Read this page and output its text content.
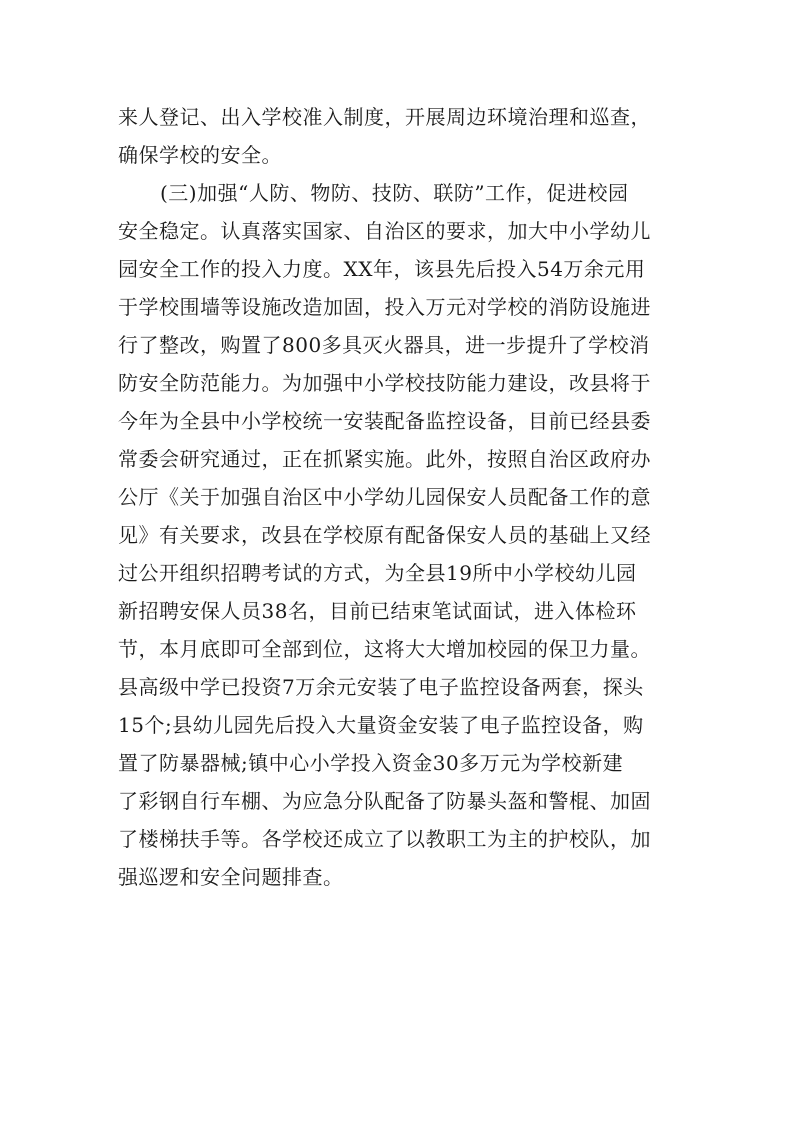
来人登记、出入学校准入制度，开展周边环境治理和巡查，
确保学校的安全。
(三)加强“人防、物防、技防、联防”工作，促进校园
安全稳定。认真落实国家、自治区的要求，加大中小学幼儿
园安全工作的投入力度。XX年，该县先后投入54万余元用
于学校围墙等设施改造加固，投入万元对学校的消防设施进
行了整改，购置了800多具灭火器具，进一步提升了学校消
防安全防范能力。为加强中小学校技防能力建设，改县将于
今年为全县中小学校统一安装配备监控设备，目前已经县委
常委会研究通过，正在抓紧实施。此外，按照自治区政府办
公厅《关于加强自治区中小学幼儿园保安人员配备工作的意
见》有关要求，改县在学校原有配备保安人员的基础上又经
过公开组织招聘考试的方式，为全县19所中小学校幼儿园
新招聘安保人员38名，目前已结束笔试面试，进入体检环
节，本月底即可全部到位，这将大大增加校园的保卫力量。
县高级中学已投资7万余元安装了电子监控设备两套，探头
15个;县幼儿园先后投入大量资金安装了电子监控设备，购
置了防暴器械;镇中心小学投入资金30多万元为学校新建
了彩钢自行车棚、为应急分队配备了防暴头盔和警棍、加固
了楼梯扶手等。各学校还成立了以教职工为主的护校队，加
强巡逻和安全问题排查。
